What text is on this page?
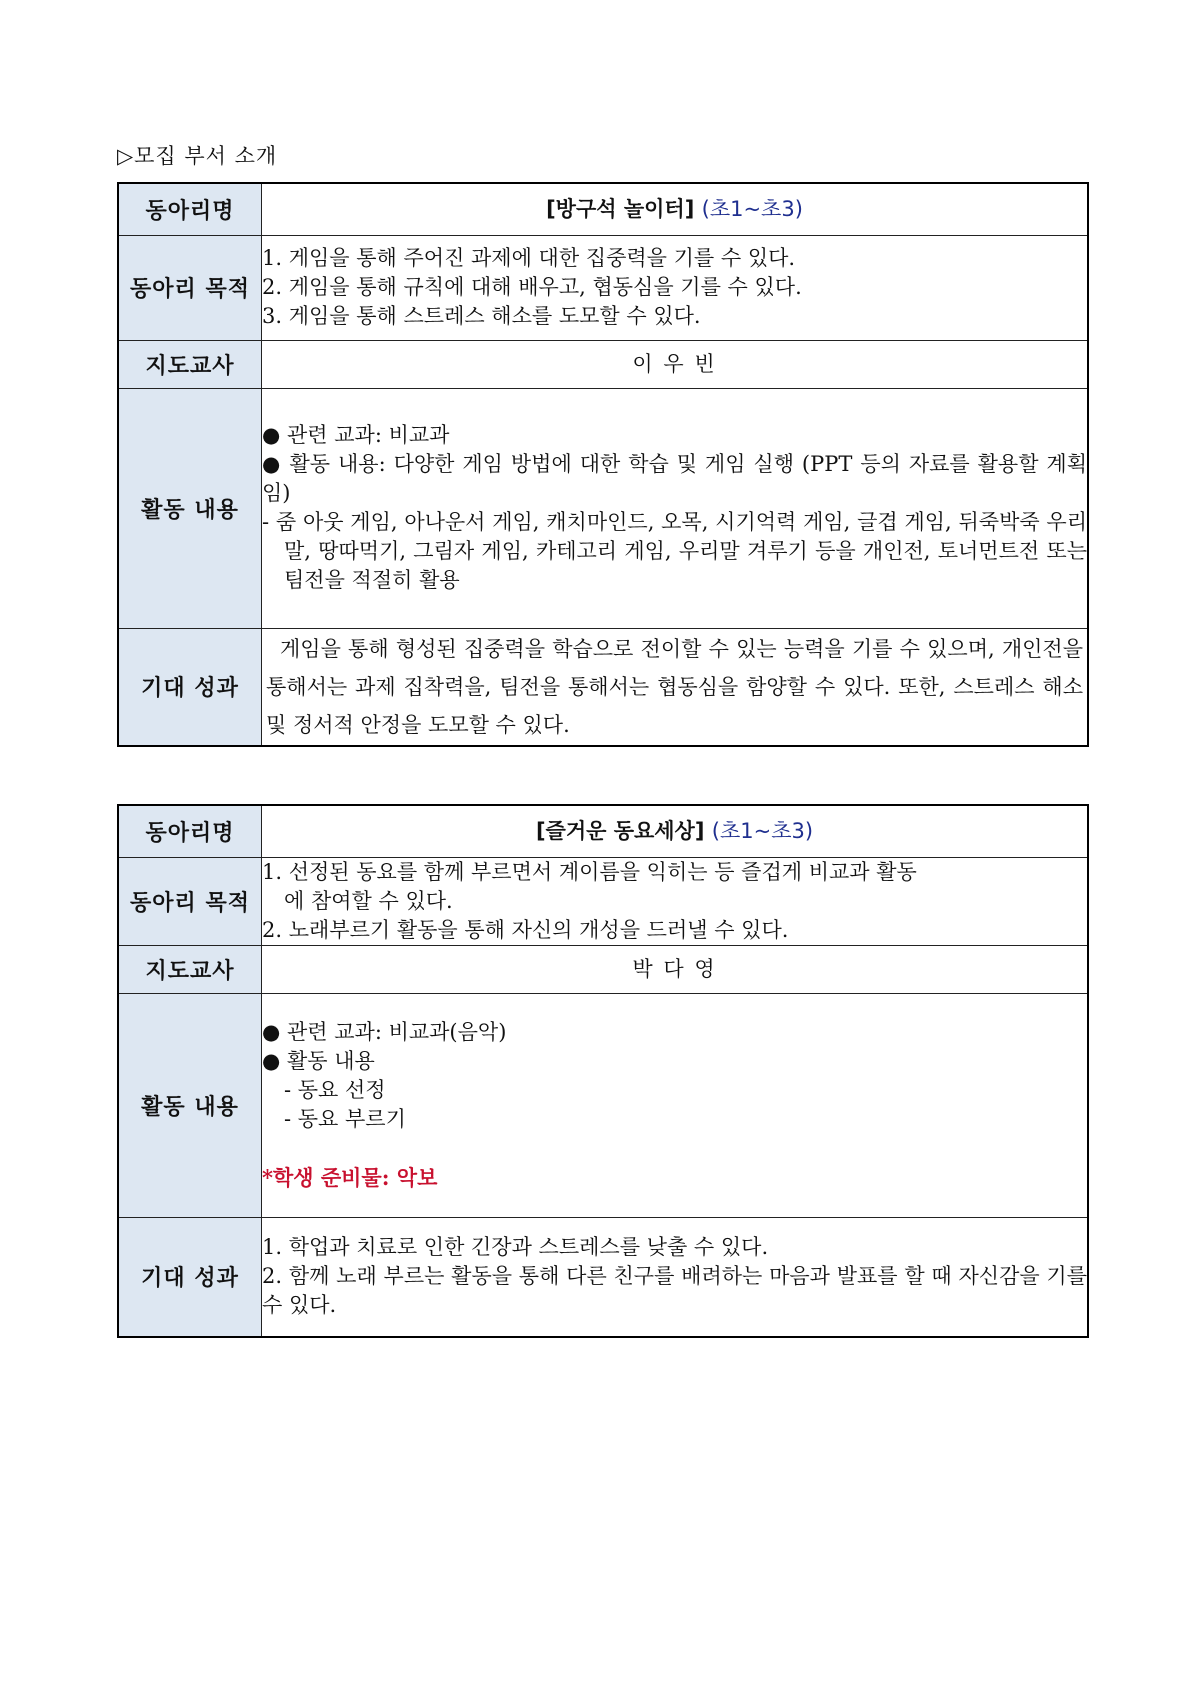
▷모집 부서 소개
동아리명	[방구석 놀이터] (초1~초3)
동아리 목적	1. 게임을 통해 주어진 과제에 대한 집중력을 기를 수 있다.
2. 게임을 통해 규칙에 대해 배우고, 협동심을 기를 수 있다.
3. 게임을 통해 스트레스 해소를 도모할 수 있다.

지도교사	이 우 빈
활동 내용	● 관련 교과: 비교과
● 활동 내용: 다양한 게임 방법에 대한 학습 및 게임 실행 (PPT 등의 자료를 활용할 계획임)
- 줌 아웃 게임, 아나운서 게임, 캐치마인드, 오목, 시기억력 게임, 글겹 게임, 뒤죽박죽 우리말, 땅따먹기, 그림자 게임, 카테고리 게임, 우리말 겨루기 등을 개인전, 토너먼트전 또는 팀전을 적절히 활용

기대 성과	게임을 통해 형성된 집중력을 학습으로 전이할 수 있는 능력을 기를 수 있으며, 개인전을 통해서는 과제 집착력을, 팀전을 통해서는 협동심을 함양할 수 있다. 또한, 스트레스 해소 및 정서적 안정을 도모할 수 있다.
동아리명	[즐거운 동요세상] (초1~초3)
동아리 목적	1. 선정된 동요를 함께 부르면서 계이름을 익히는 등 즐겁게 비교과 활동
에 참여할 수 있다.
2. 노래부르기 활동을 통해 자신의 개성을 드러낼 수 있다.

지도교사	박 다 영
활동 내용	● 관련 교과: 비교과(음악)
● 활동 내용
- 동요 선정
- 동요 부르기
*학생 준비물: 악보

기대 성과	1. 학업과 치료로 인한 긴장과 스트레스를 낮출 수 있다.
2. 함께 노래 부르는 활동을 통해 다른 친구를 배려하는 마음과 발표를 할 때 자신감을 기를 수 있다.
